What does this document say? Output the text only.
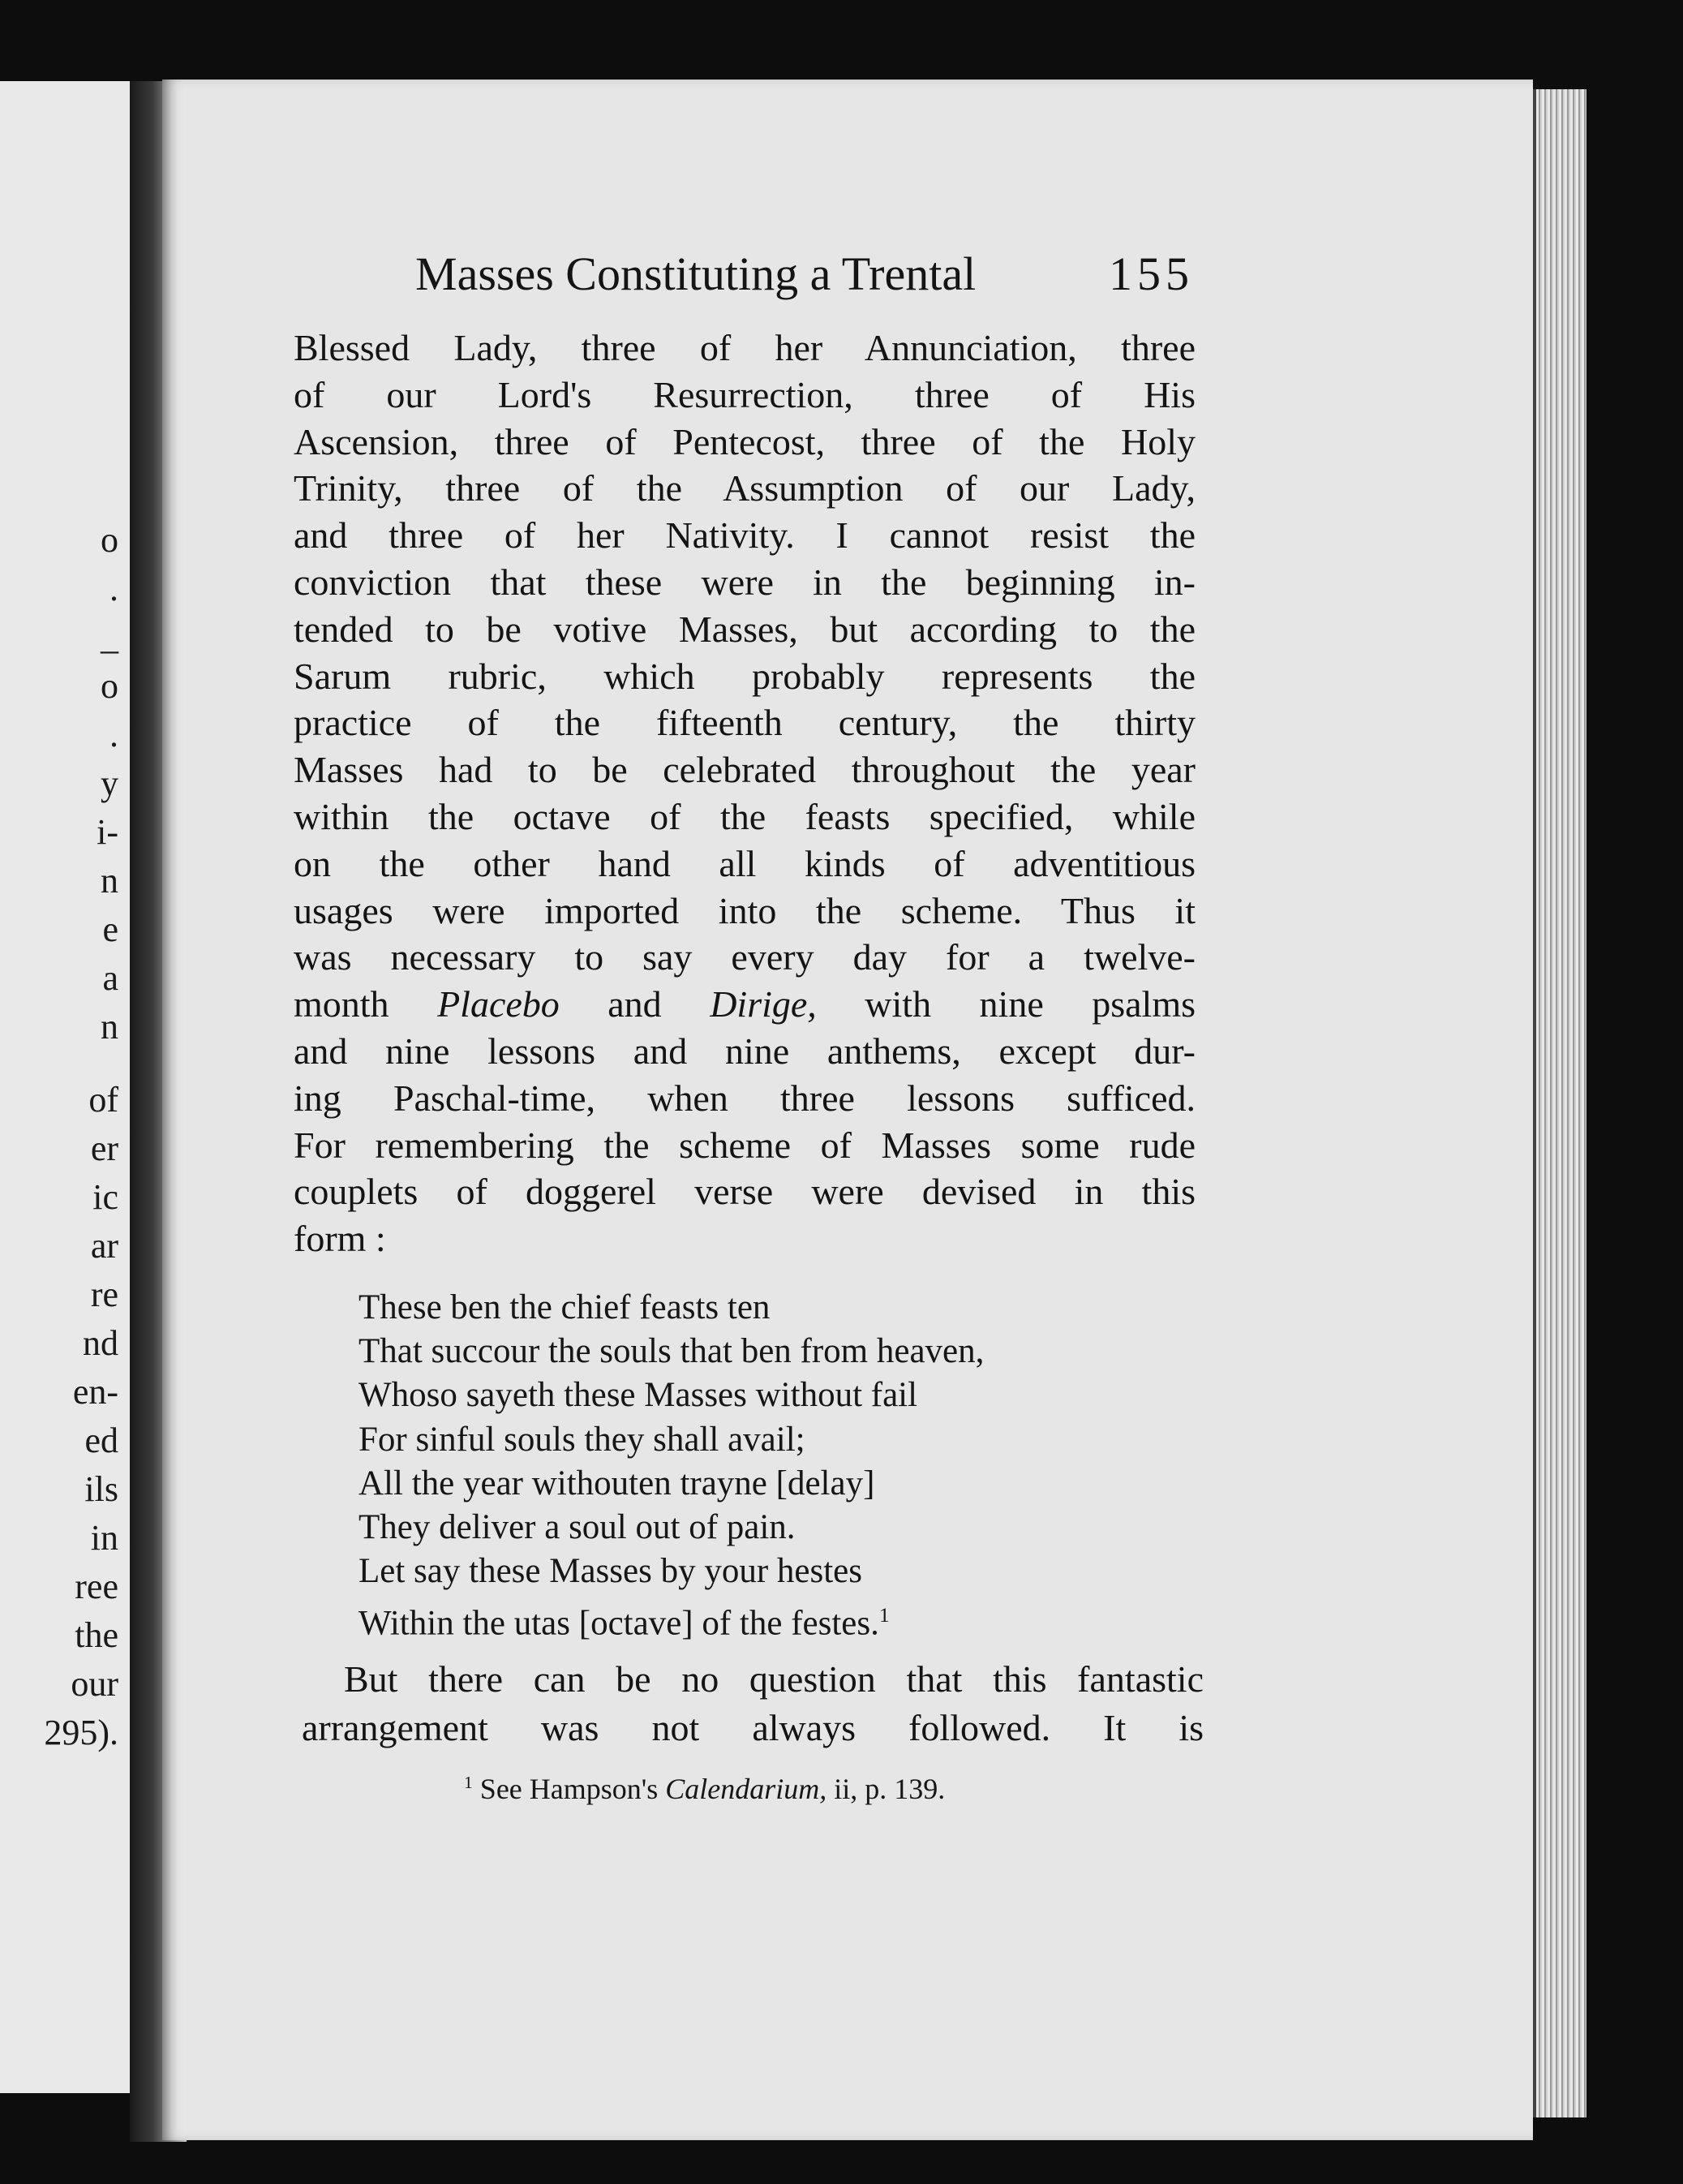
o
.
_
o
.
y
i-
n
e
a
n
of
er
ic
ar
re
nd
en-
ed
ils
in
ree
the
our
295).
Masses Constituting a Trental	155
Blessed Lady, three of her Annunciation, three
of our Lord's Resurrection, three of His
Ascension, three of Pentecost, three of the Holy
Trinity, three of the Assumption of our Lady,
and three of her Nativity. I cannot resist the
conviction that these were in the beginning in-
tended to be votive Masses, but according to the
Sarum rubric, which probably represents the
practice of the fifteenth century, the thirty
Masses had to be celebrated throughout the year
within the octave of the feasts specified, while
on the other hand all kinds of adventitious
usages were imported into the scheme. Thus it
was necessary to say every day for a twelve-
month Placebo and Dirige, with nine psalms
and nine lessons and nine anthems, except dur-
ing Paschal-time, when three lessons sufficed.
For remembering the scheme of Masses some rude
couplets of doggerel verse were devised in this
form :
These ben the chief feasts ten
That succour the souls that ben from heaven,
Whoso sayeth these Masses without fail
For sinful souls they shall avail;
All the year withouten trayne [delay]
They deliver a soul out of pain.
Let say these Masses by your hestes
Within the utas [octave] of the festes.$^1$
But there can be no question that this fantastic
arrangement was not always followed. It is
$^1$ See Hampson's Calendarium, ii, p. 139.
